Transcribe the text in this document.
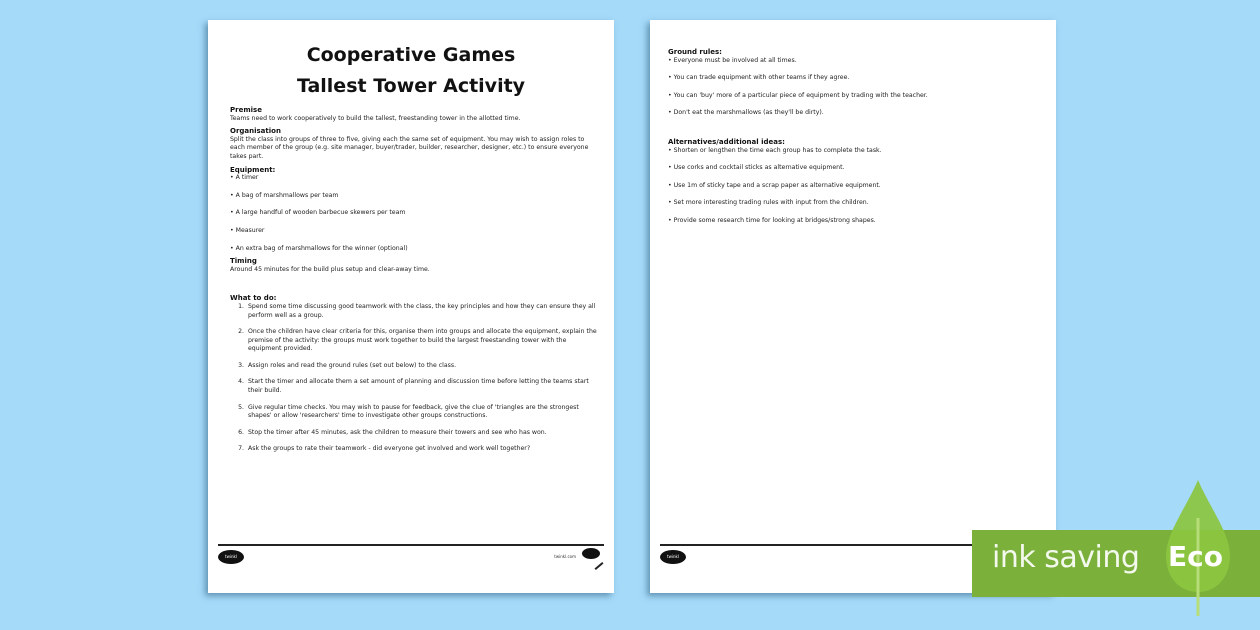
Cooperative Games
Tallest Tower Activity
Premise

Teams need to work cooperatively to build the tallest, freestanding tower in the allotted time.

Organisation

Split the class into groups of three to five, giving each the same set of equipment. You may wish to assign roles to each member of the group (e.g. site manager, buyer/trader, builder, researcher, designer, etc.) to ensure everyone takes part.

Equipment:

• A timer

• A bag of marshmallows per team

• A large handful of wooden barbecue skewers per team

• Measurer

• An extra bag of marshmallows for the winner (optional)

Timing

Around 45 minutes for the build plus setup and clear-away time.

What to do:
1. Spend some time discussing good teamwork with the class, the key principles and how they can ensure they all perform well as a group.
2. Once the children have clear criteria for this, organise them into groups and allocate the equipment, explain the premise of the activity: the groups must work together to build the largest freestanding tower with the equipment provided.
3. Assign roles and read the ground rules (set out below) to the class.
4. Start the timer and allocate them a set amount of planning and discussion time before letting the teams start their build.
5. Give regular time checks. You may wish to pause for feedback, give the clue of 'triangles are the strongest shapes' or allow 'researchers' time to investigate other groups constructions.
6. Stop the timer after 45 minutes, ask the children to measure their towers and see who has won.
7. Ask the groups to rate their teamwork - did everyone get involved and work well together?
twinkl	twinkl.com
Ground rules:

• Everyone must be involved at all times.

• You can trade equipment with other teams if they agree.

• You can 'buy' more of a particular piece of equipment by trading with the teacher.

• Don't eat the marshmallows (as they'll be dirty).

Alternatives/additional ideas:

• Shorten or lengthen the time each group has to complete the task.

• Use corks and cocktail sticks as alternative equipment.

• Use 1m of sticky tape and a scrap paper as alternative equipment.

• Set more interesting trading rules with input from the children.

• Provide some research time for looking at bridges/strong shapes.

twinkl	ink saving Eco
